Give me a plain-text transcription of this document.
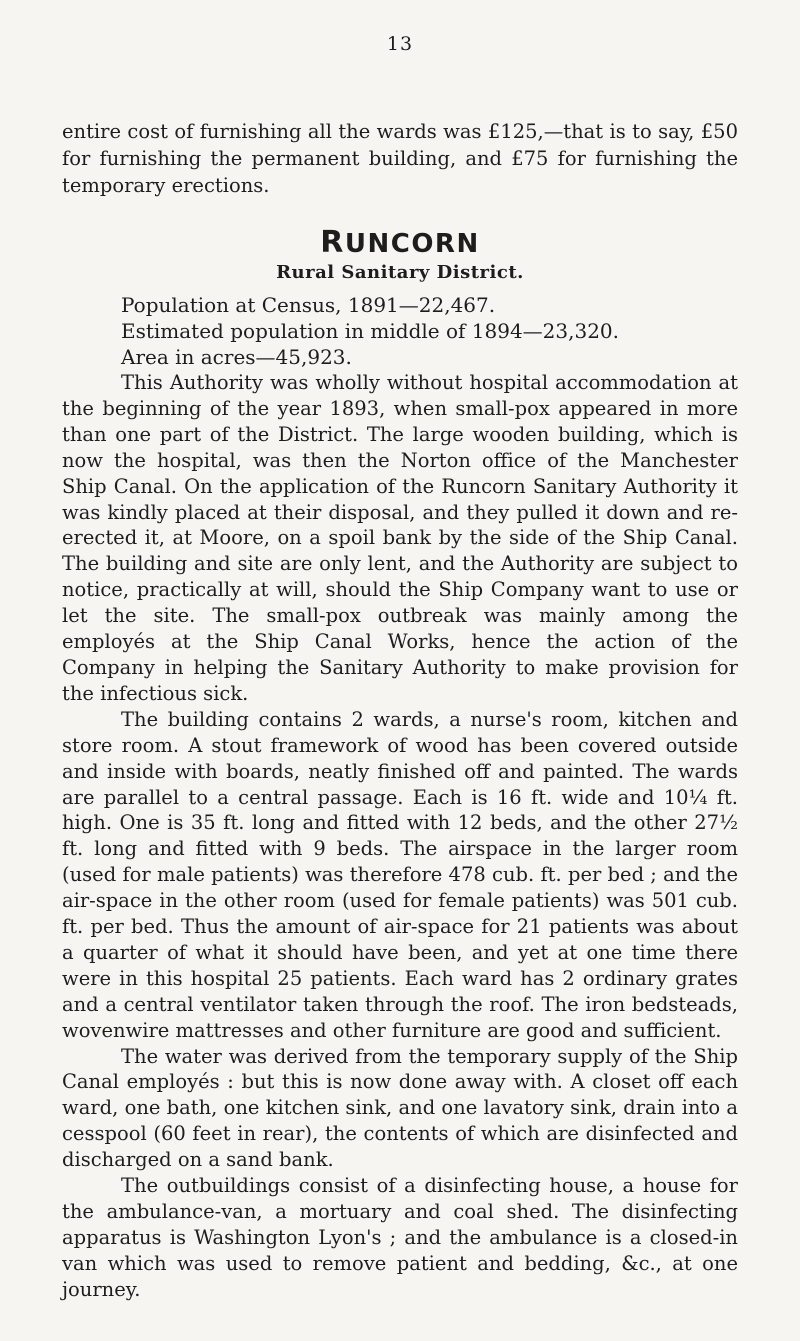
13
entire cost of furnishing all the wards was £125,—that is to say, £50 for furnishing the permanent building, and £75 for furnishing the temporary erections.
RUNCORN
Rural Sanitary District.
Population at Census, 1891—22,467.
Estimated population in middle of 1894—23,320.
Area in acres—45,923.

This Authority was wholly without hospital accommodation at the beginning of the year 1893, when small-pox appeared in more than one part of the District. The large wooden building, which is now the hospital, was then the Norton office of the Manchester Ship Canal. On the application of the Runcorn Sanitary Authority it was kindly placed at their disposal, and they pulled it down and re-erected it, at Moore, on a spoil bank by the side of the Ship Canal. The building and site are only lent, and the Authority are subject to notice, practically at will, should the Ship Company want to use or let the site. The small-pox outbreak was mainly among the employés at the Ship Canal Works, hence the action of the Company in helping the Sanitary Authority to make provision for the infectious sick.

The building contains 2 wards, a nurse's room, kitchen and store room. A stout framework of wood has been covered outside and inside with boards, neatly finished off and painted. The wards are parallel to a central passage. Each is 16 ft. wide and 10¼ ft. high. One is 35 ft. long and fitted with 12 beds, and the other 27½ ft. long and fitted with 9 beds. The airspace in the larger room (used for male patients) was therefore 478 cub. ft. per bed ; and the air-space in the other room (used for female patients) was 501 cub. ft. per bed. Thus the amount of air-space for 21 patients was about a quarter of what it should have been, and yet at one time there were in this hospital 25 patients. Each ward has 2 ordinary grates and a central ventilator taken through the roof. The iron bedsteads, wovenwire mattresses and other furniture are good and sufficient.

The water was derived from the temporary supply of the Ship Canal employés : but this is now done away with. A closet off each ward, one bath, one kitchen sink, and one lavatory sink, drain into a cesspool (60 feet in rear), the contents of which are disinfected and discharged on a sand bank.

The outbuildings consist of a disinfecting house, a house for the ambulance-van, a mortuary and coal shed. The disinfecting apparatus is Washington Lyon's ; and the ambulance is a closed-in van which was used to remove patient and bedding, &c., at one journey.
